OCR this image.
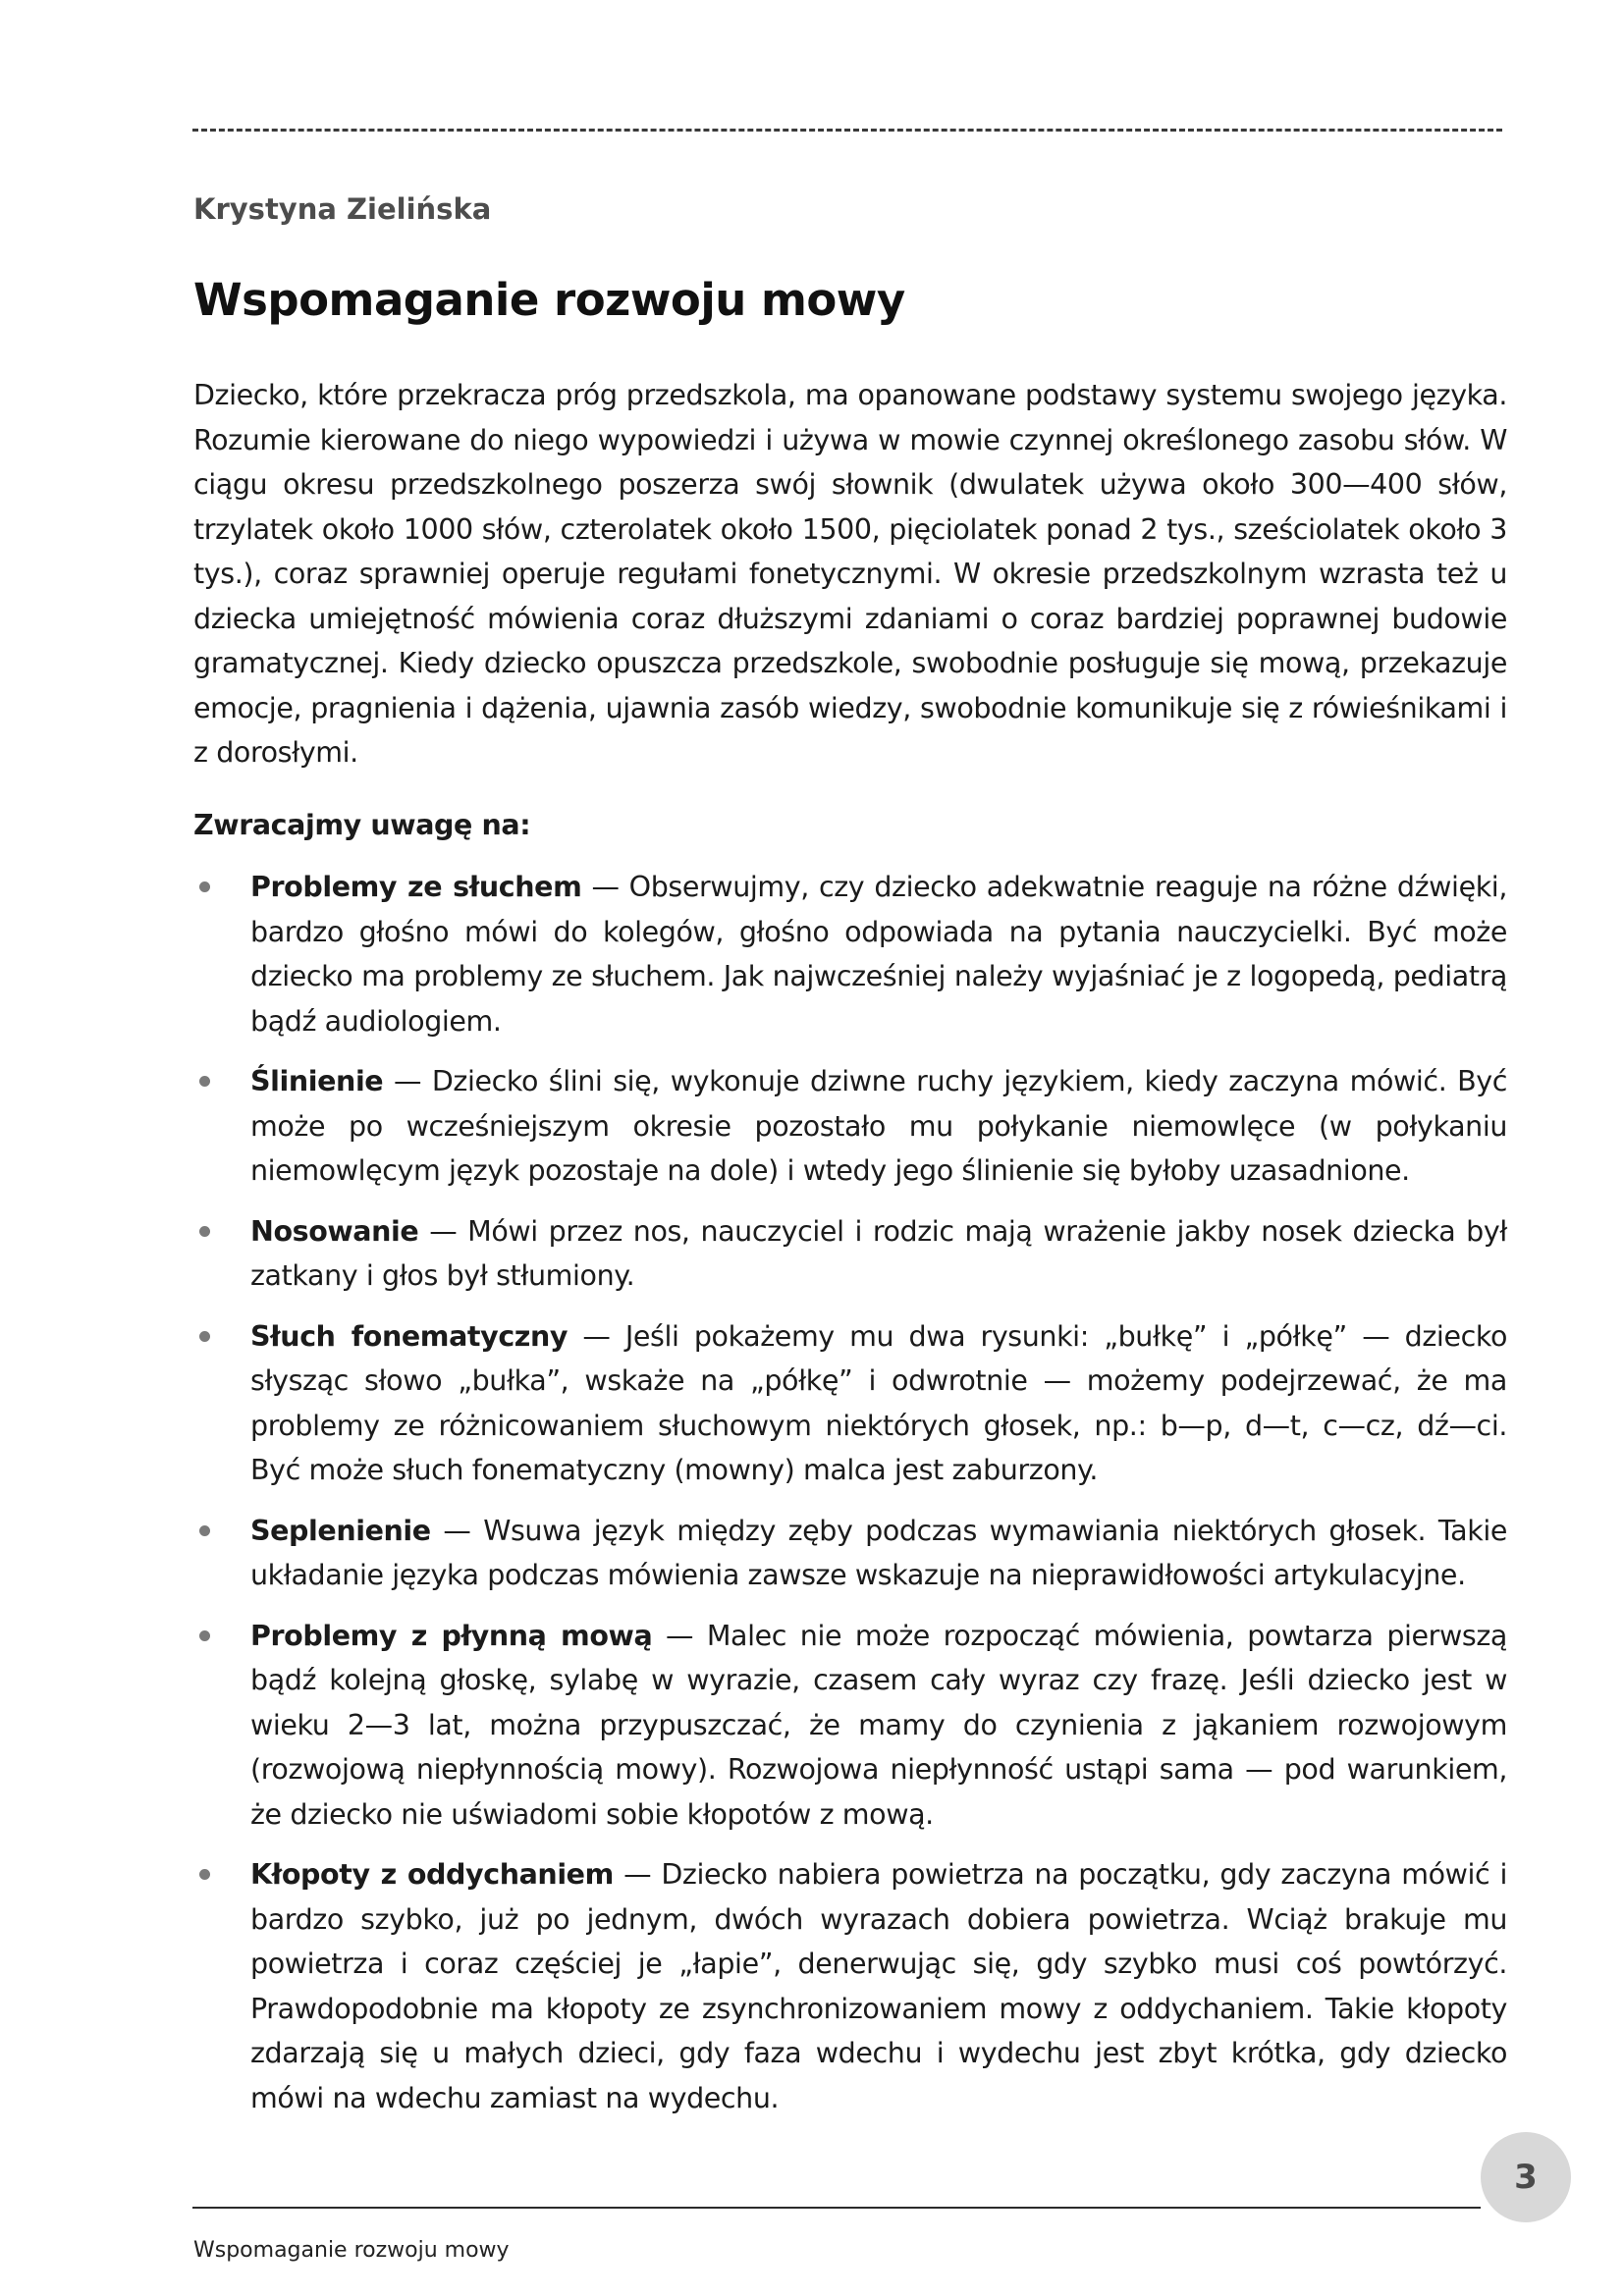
Krystyna Zielińska
Wspomaganie rozwoju mowy

Dziecko, które przekracza próg przedszkola, ma opanowane podstawy systemu swojego języka. Rozumie kierowane do niego wypowiedzi i używa w mowie czynnej określonego zasobu słów. W ciągu okresu przedszkolnego poszerza swój słownik (dwulatek używa około 300—400 słów, trzylatek około 1000 słów, czterolatek około 1500, pięciolatek ponad 2 tys., sześciolatek około 3 tys.), coraz sprawniej operuje regułami fonetycznymi. W okresie przedszkolnym wzrasta też u dziecka umiejętność mówienia coraz dłuższymi zdaniami o coraz bardziej poprawnej budowie gramatycznej. Kiedy dziecko opuszcza przedszkole, swobodnie posługuje się mową, przekazuje emocje, pragnienia i dążenia, ujawnia zasób wiedzy, swobodnie komunikuje się z rówieśnikami i z dorosłymi.

Zwracajmy uwagę na:

Problemy ze słuchem — Obserwujmy, czy dziecko adekwatnie reaguje na różne dźwięki, bardzo głośno mówi do kolegów, głośno odpowiada na pytania nauczycielki. Być może dziecko ma problemy ze słuchem. Jak najwcześniej należy wyjaśniać je z logopedą, pediatrą bądź audiologiem.
Ślinienie — Dziecko ślini się, wykonuje dziwne ruchy językiem, kiedy zaczyna mówić. Być może po wcześniejszym okresie pozostało mu połykanie niemowlęce (w połykaniu niemowlęcym język pozostaje na dole) i wtedy jego ślinienie się byłoby uzasadnione.
Nosowanie — Mówi przez nos, nauczyciel i rodzic mają wrażenie jakby nosek dziecka był zatkany i głos był stłumiony.
Słuch fonematyczny — Jeśli pokażemy mu dwa rysunki: „bułkę” i „półkę” — dziecko słysząc słowo „bułka”, wskaże na „półkę” i odwrotnie — możemy podejrzewać, że ma problemy ze różnicowaniem słuchowym niektórych głosek, np.: b—p, d—t, c—cz, dź—ci. Być może słuch fonematyczny (mowny) malca jest zaburzony.
Seplenienie — Wsuwa język między zęby podczas wymawiania niektórych głosek. Takie układanie języka podczas mówienia zawsze wskazuje na nieprawidłowości artykulacyjne.
Problemy z płynną mową — Malec nie może rozpocząć mówienia, powtarza pierwszą bądź kolejną głoskę, sylabę w wyrazie, czasem cały wyraz czy frazę. Jeśli dziecko jest w wieku 2—3 lat, można przypuszczać, że mamy do czynienia z jąkaniem rozwojowym (rozwojową niepłynnością mowy). Rozwojowa niepłynność ustąpi sama — pod warunkiem, że dziecko nie uświadomi sobie kłopotów z mową.
Kłopoty z oddychaniem — Dziecko nabiera powietrza na początku, gdy zaczyna mówić i bardzo szybko, już po jednym, dwóch wyrazach dobiera powietrza. Wciąż brakuje mu powietrza i coraz częściej je „łapie”, denerwując się, gdy szybko musi coś powtórzyć. Prawdopodobnie ma kłopoty ze zsynchronizowaniem mowy z oddychaniem. Takie kłopoty zdarzają się u małych dzieci, gdy faza wdechu i wydechu jest zbyt krótka, gdy dziecko mówi na wdechu zamiast na wydechu.
Wspomaganie rozwoju mowy
3
